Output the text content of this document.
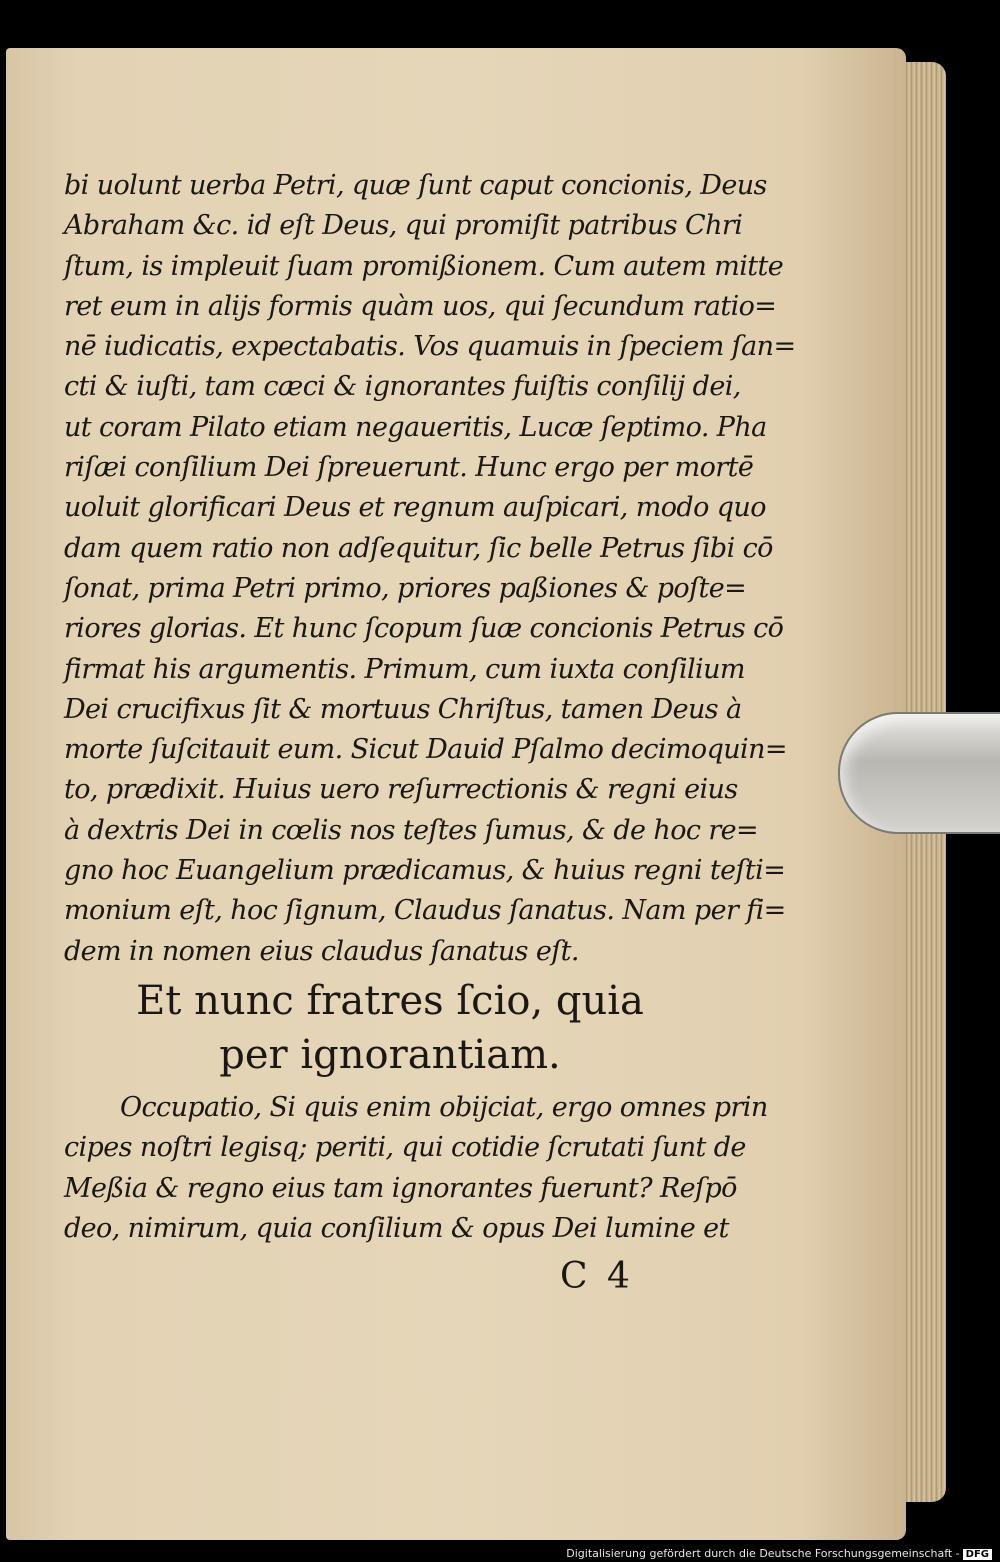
bi uolunt uerba Petri, quæ ſunt caput concionis, Deus
Abraham &c. id eſt Deus, qui promiſit patribus Chri
ſtum, is impleuit ſuam promißionem. Cum autem mitte
ret eum in alijs formis quàm uos, qui ſecundum ratio=
nē iudicatis, expectabatis. Vos quamuis in ſpeciem ſan=
cti & iuſti, tam cæci & ignorantes fuiſtis conſilij dei,
ut coram Pilato etiam negaueritis, Lucæ ſeptimo. Pha
riſæi conſilium Dei ſpreuerunt. Hunc ergo per mortē
uoluit glorificari Deus et regnum auſpicari, modo quo
dam quem ratio non adſequitur, ſic belle Petrus ſibi cō
ſonat, prima Petri primo, priores paßiones & poſte=
riores glorias. Et hunc ſcopum ſuæ concionis Petrus cō
firmat his argumentis. Primum, cum iuxta conſilium
Dei crucifixus ſit & mortuus Chriſtus, tamen Deus à
morte ſuſcitauit eum. Sicut Dauid Pſalmo decimoquin=
to, prædixit. Huius uero reſurrectionis & regni eius
à dextris Dei in cœlis nos teſtes ſumus, & de hoc re=
gno hoc Euangelium prædicamus, & huius regni teſti=
monium eſt, hoc ſignum, Claudus ſanatus. Nam per fi=
dem in nomen eius claudus ſanatus eſt.
Et nunc fratres ſcio, quia
per ignorantiam.
Occupatio, Si quis enim obijciat, ergo omnes prin
cipes noſtri legisq; periti, qui cotidie ſcrutati ſunt de
Meßia & regno eius tam ignorantes fuerunt? Reſpō
deo, nimirum, quia conſilium & opus Dei lumine et
C 4
Digitalisierung gefördert durch die Deutsche Forschungsgemeinschaft - DFG
